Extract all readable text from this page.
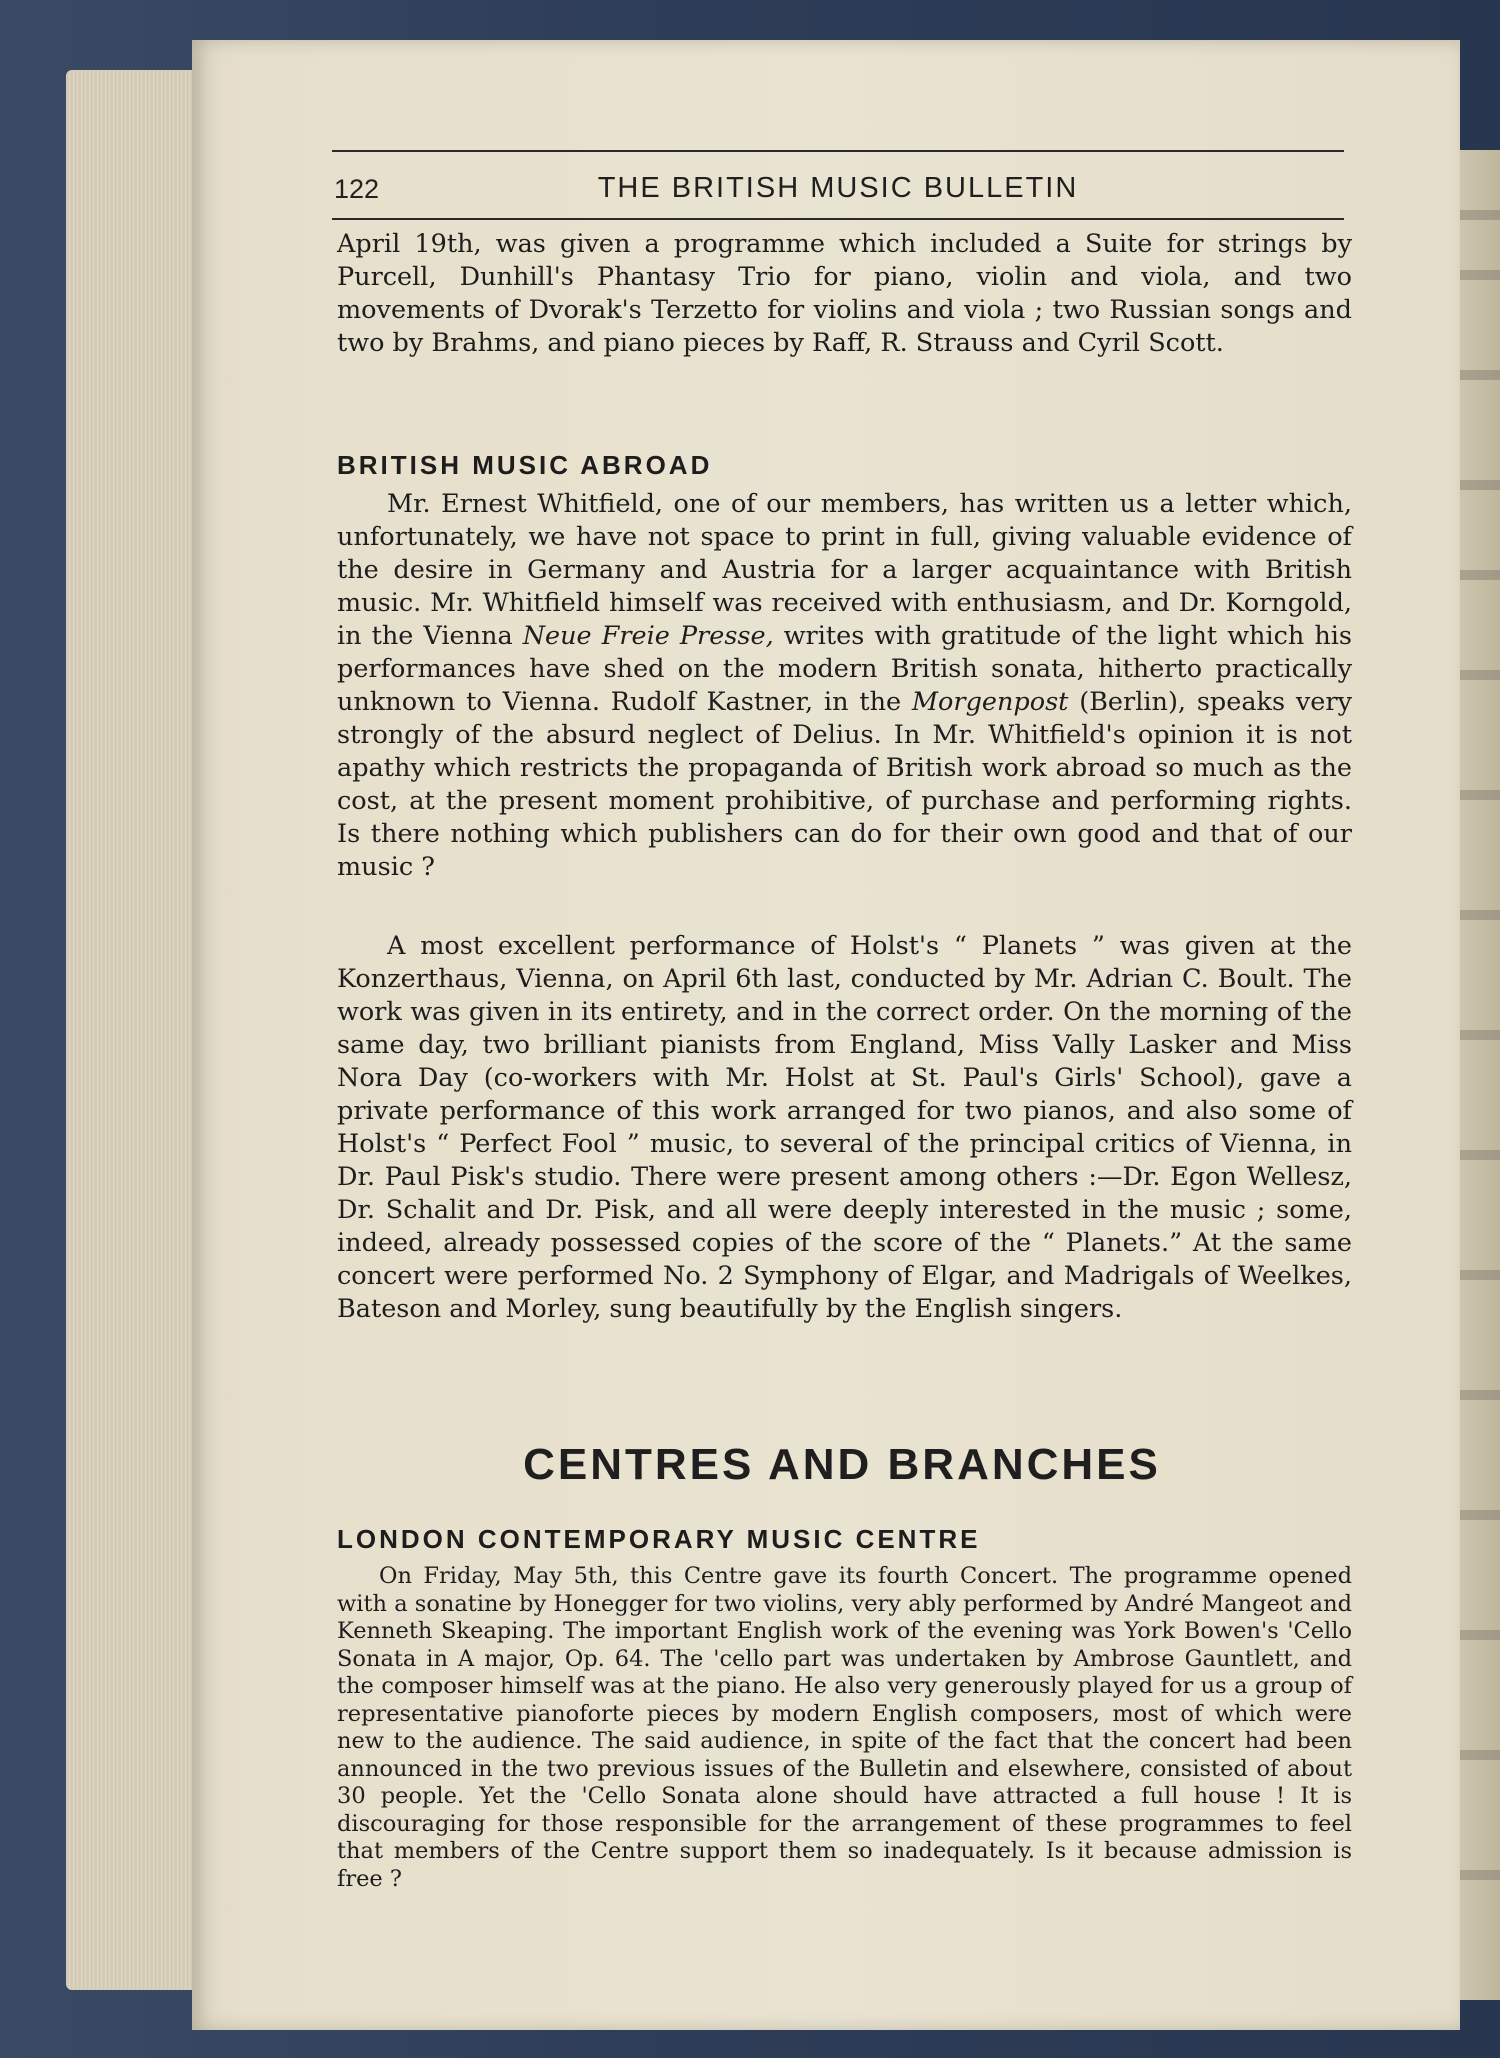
122	THE BRITISH MUSIC BULLETIN

April 19th, was given a programme which included a Suite for strings by Purcell, Dunhill's Phantasy Trio for piano, violin and viola, and two movements of Dvorak's Terzetto for violins and viola ; two Russian songs and two by Brahms, and piano pieces by Raff, R. Strauss and Cyril Scott.

BRITISH MUSIC ABROAD

Mr. Ernest Whitfield, one of our members, has written us a letter which, unfortunately, we have not space to print in full, giving valuable evidence of the desire in Germany and Austria for a larger acquaintance with British music. Mr. Whitfield himself was received with enthusiasm, and Dr. Korngold, in the Vienna Neue Freie Presse, writes with gratitude of the light which his performances have shed on the modern British sonata, hitherto practically unknown to Vienna. Rudolf Kastner, in the Morgenpost (Berlin), speaks very strongly of the absurd neglect of Delius. In Mr. Whitfield's opinion it is not apathy which restricts the propaganda of British work abroad so much as the cost, at the present moment prohibitive, of purchase and performing rights. Is there nothing which publishers can do for their own good and that of our music ?

A most excellent performance of Holst's “ Planets ” was given at the Konzerthaus, Vienna, on April 6th last, conducted by Mr. Adrian C. Boult. The work was given in its entirety, and in the correct order. On the morning of the same day, two brilliant pianists from England, Miss Vally Lasker and Miss Nora Day (co-workers with Mr. Holst at St. Paul's Girls' School), gave a private performance of this work arranged for two pianos, and also some of Holst's “ Perfect Fool ” music, to several of the principal critics of Vienna, in Dr. Paul Pisk's studio. There were present among others :—Dr. Egon Wellesz, Dr. Schalit and Dr. Pisk, and all were deeply interested in the music ; some, indeed, already possessed copies of the score of the “ Planets.” At the same concert were performed No. 2 Symphony of Elgar, and Madrigals of Weelkes, Bateson and Morley, sung beautifully by the English singers.

CENTRES AND BRANCHES
LONDON CONTEMPORARY MUSIC CENTRE

On Friday, May 5th, this Centre gave its fourth Concert. The programme opened with a sonatine by Honegger for two violins, very ably performed by André Mangeot and Kenneth Skeaping. The important English work of the evening was York Bowen's 'Cello Sonata in A major, Op. 64. The 'cello part was undertaken by Ambrose Gauntlett, and the composer himself was at the piano. He also very generously played for us a group of representative pianoforte pieces by modern English composers, most of which were new to the audience. The said audience, in spite of the fact that the concert had been announced in the two previous issues of the Bulletin and elsewhere, consisted of about 30 people. Yet the 'Cello Sonata alone should have attracted a full house ! It is discouraging for those responsible for the arrangement of these programmes to feel that members of the Centre support them so inadequately. Is it because admission is free ?
